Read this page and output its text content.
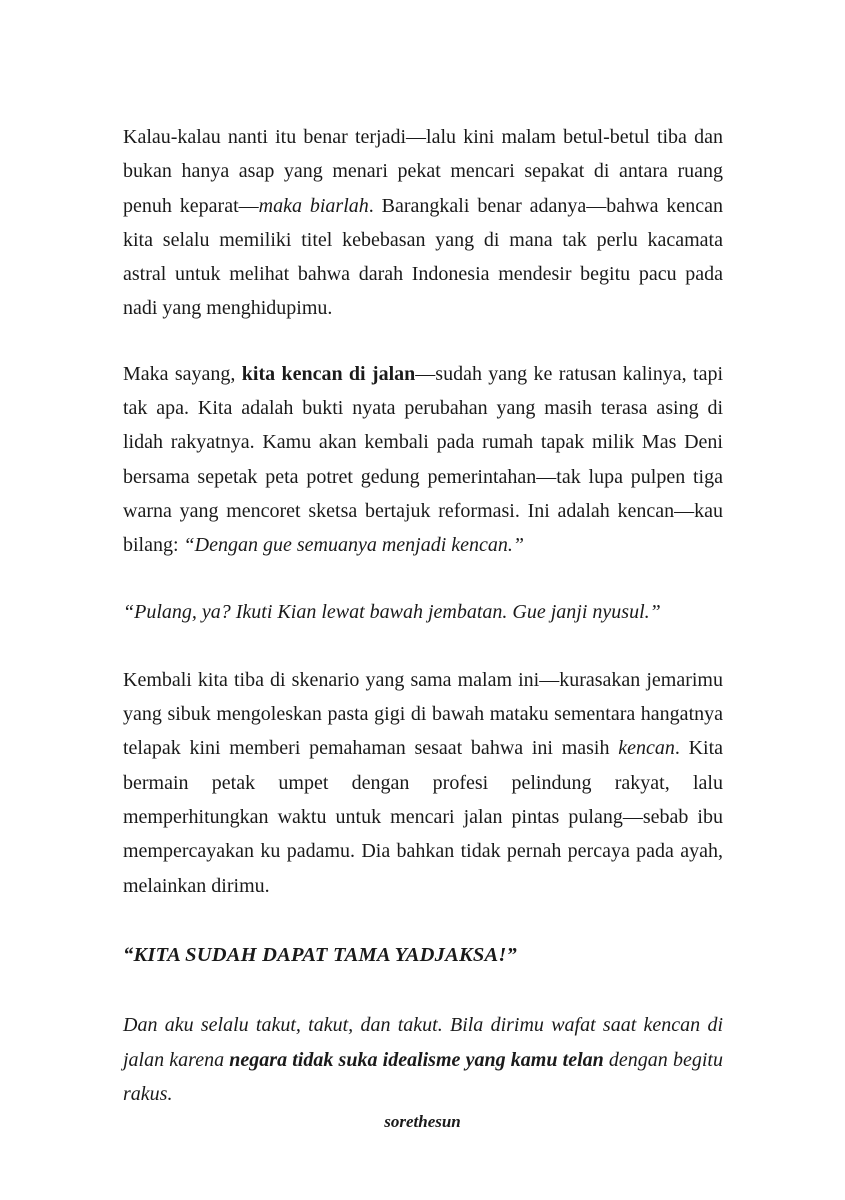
Kalau-kalau nanti itu benar terjadi—lalu kini malam betul-betul tiba dan bukan hanya asap yang menari pekat mencari sepakat di antara ruang penuh keparat—maka biarlah. Barangkali benar adanya—bahwa kencan kita selalu memiliki titel kebebasan yang di mana tak perlu kacamata astral untuk melihat bahwa darah Indonesia mendesir begitu pacu pada nadi yang menghidupimu.

Maka sayang, kita kencan di jalan—sudah yang ke ratusan kalinya, tapi tak apa. Kita adalah bukti nyata perubahan yang masih terasa asing di lidah rakyatnya. Kamu akan kembali pada rumah tapak milik Mas Deni bersama sepetak peta potret gedung pemerintahan—tak lupa pulpen tiga warna yang mencoret sketsa bertajuk reformasi. Ini adalah kencan—kau bilang: “Dengan gue semuanya menjadi kencan.”

“Pulang, ya? Ikuti Kian lewat bawah jembatan. Gue janji nyusul.”

Kembali kita tiba di skenario yang sama malam ini—kurasakan jemarimu yang sibuk mengoleskan pasta gigi di bawah mataku sementara hangatnya telapak kini memberi pemahaman sesaat bahwa ini masih kencan. Kita bermain petak umpet dengan profesi pelindung rakyat, lalu memperhitungkan waktu untuk mencari jalan pintas pulang—sebab ibu mempercayakan ku padamu. Dia bahkan tidak pernah percaya pada ayah, melainkan dirimu.

“KITA SUDAH DAPAT TAMA YADJAKSA!”

Dan aku selalu takut, takut, dan takut. Bila dirimu wafat saat kencan di jalan karena negara tidak suka idealisme yang kamu telan dengan begitu rakus.

sorethesun
